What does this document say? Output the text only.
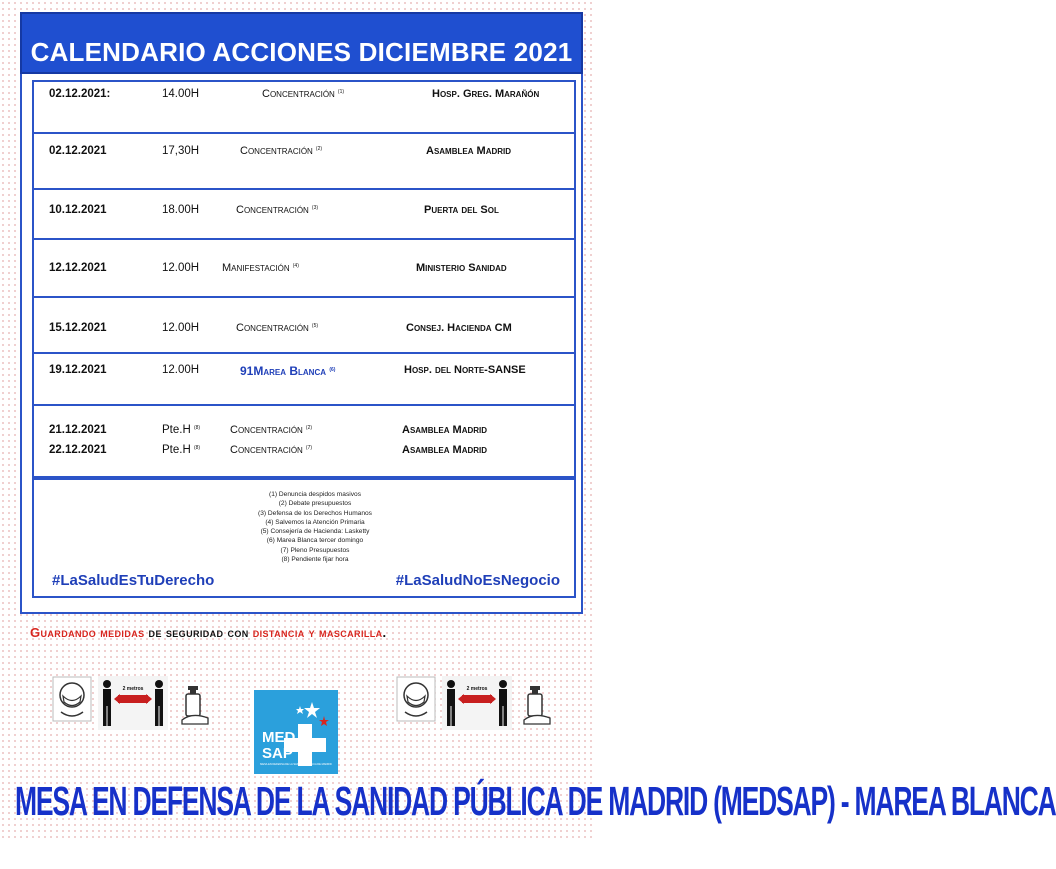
CALENDARIO ACCIONES DICIEMBRE 2021
02.12.2021:	14.00H	Concentración $^{(1)}$	Hosp. Greg. Marañón
02.12.2021	17,30H	Concentración $^{(2)}$	Asamblea Madrid
10.12.2021	18.00H	Concentración $^{(3)}$	Puerta del Sol
12.12.2021	12.00H Manifestación $^{(4)}$	Ministerio Sanidad
15.12.2021	12.00H	Concentración $^{(5)}$	Consej. Hacienda CM
19.12.2021	12.00H	91Marea Blanca $^{(6)}$	Hosp. del Norte-SANSE
21.12.2021	Pte.H $^{(8)}$	Concentración $^{(2)}$	Asamblea Madrid
22.12.2021	Pte.H $^{(8)}$	Concentración $^{(7)}$	Asamblea Madrid
(1) Denuncia despidos masivos
(2) Debate presupuestos
(3) Defensa de los Derechos Humanos
(4) Salvemos la Atención Primaria
(5) Consejería de Hacienda: Lasketty
(6) Marea Blanca tercer domingo
(7) Pleno Presupuestos
(8) Pendiente fijar hora
#LaSaludEsTuDerecho	#LaSaludNoEsNegocio
Guardando medidas de seguridad con distancia y mascarilla.
2 metros
MED
SAP
MESA EN DEFENSA DE LA SANIDAD PÚBLICA DE MADRID
2 metros
MESA EN DEFENSA DE LA SANIDAD PÚBLICA DE MADRID (MEDSAP) - MAREA BLANCA
